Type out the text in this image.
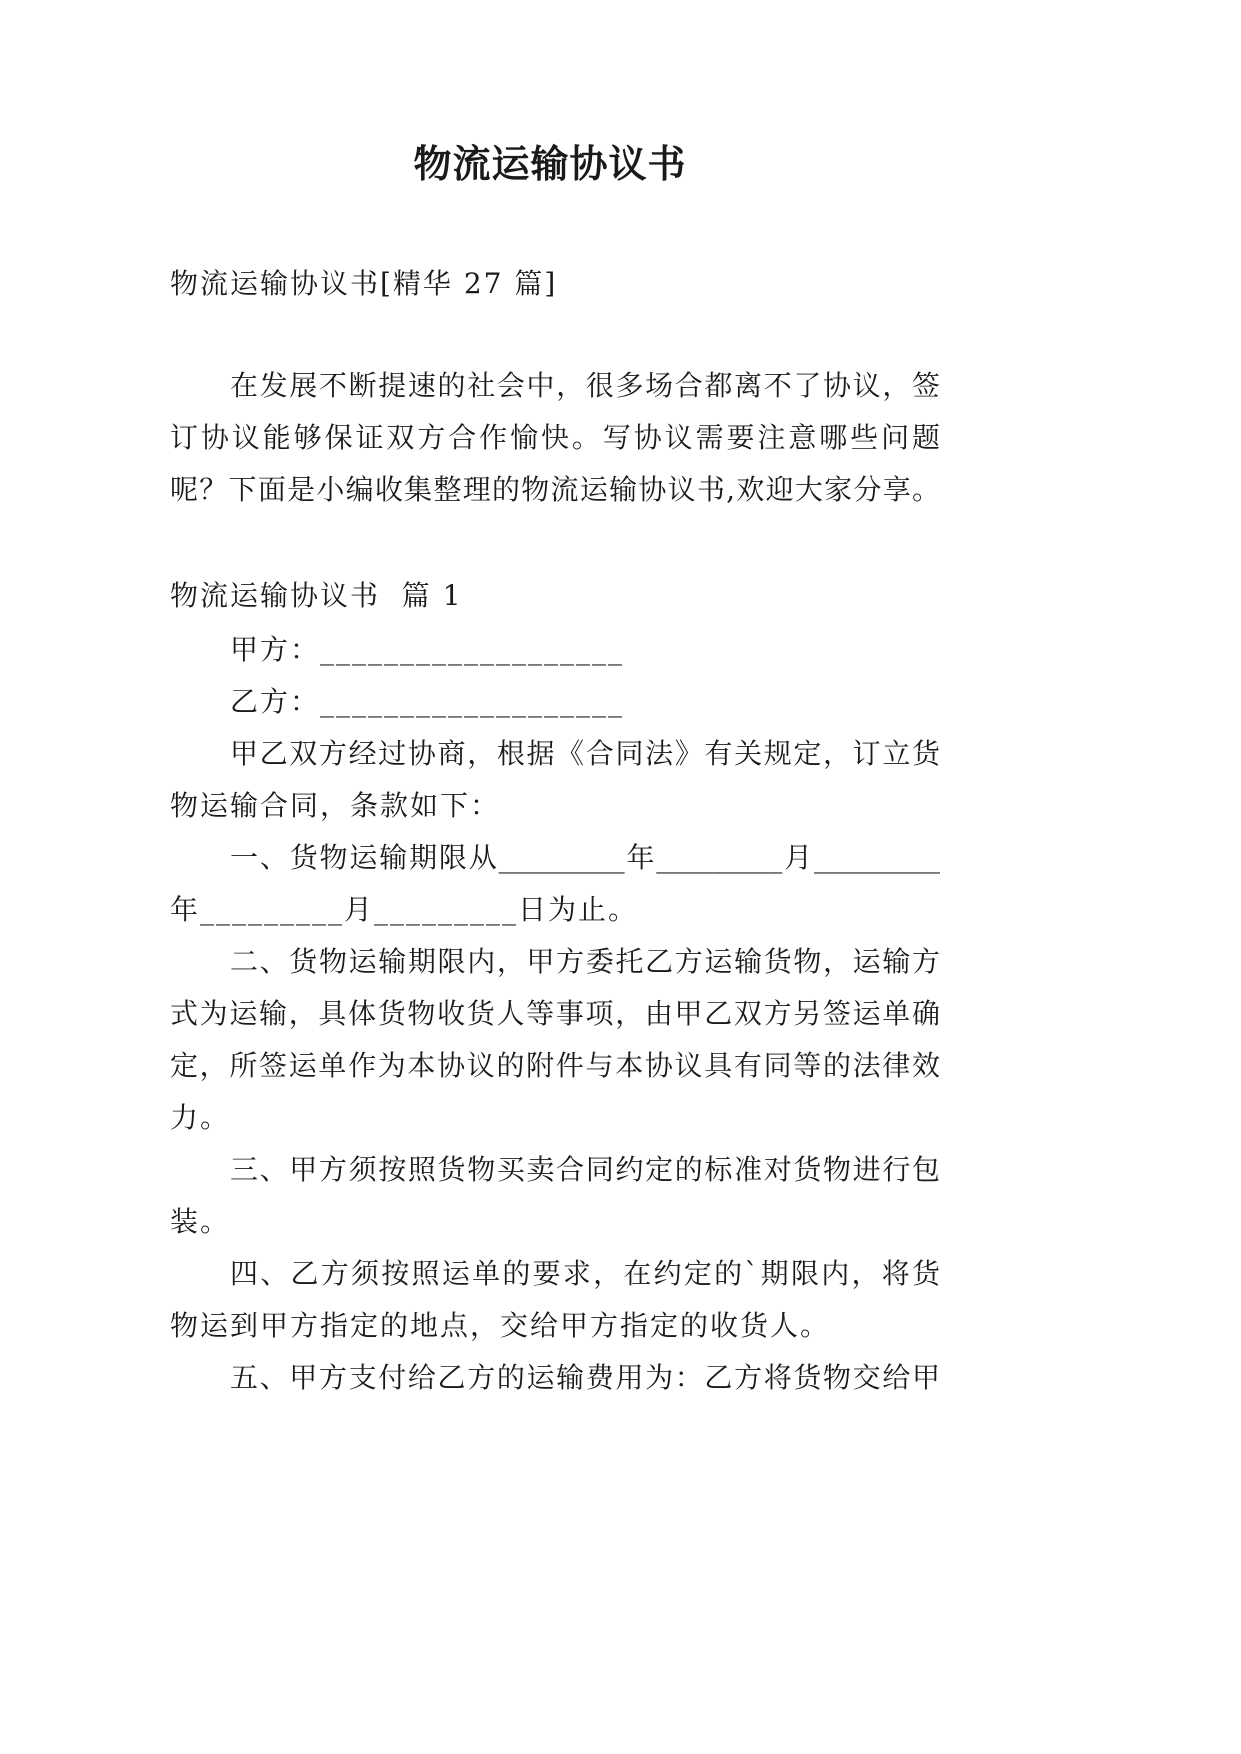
物流运输协议书

物流运输协议书[精华 27 篇]

在发展不断提速的社会中，很多场合都离不了协议，签

订协议能够保证双方合作愉快。写协议需要注意哪些问题

呢？下面是小编收集整理的物流运输协议书,欢迎大家分享。

物流运输协议书  篇 1

甲方：___________________

乙方：___________________

甲乙双方经过协商，根据《合同法》有关规定，订立货

物运输合同，条款如下：

一、货物运输期限从_________年_________月_________

年_________月_________日为止。

二、货物运输期限内，甲方委托乙方运输货物，运输方

式为运输，具体货物收货人等事项，由甲乙双方另签运单确

定，所签运单作为本协议的附件与本协议具有同等的法律效

力。

三、甲方须按照货物买卖合同约定的标准对货物进行包

装。

四、乙方须按照运单的要求，在约定的`期限内，将货

物运到甲方指定的地点，交给甲方指定的收货人。

五、甲方支付给乙方的运输费用为：乙方将货物交给甲
